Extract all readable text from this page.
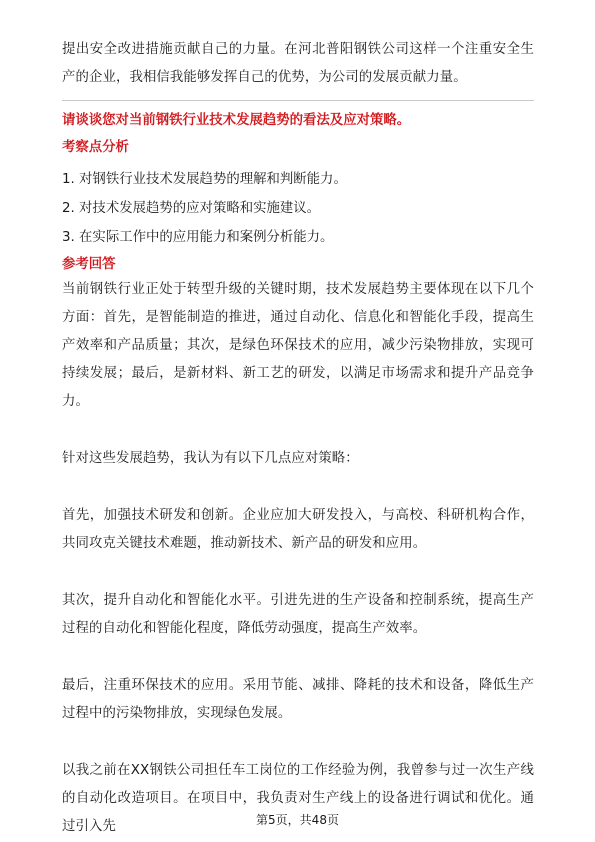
提出安全改进措施贡献自己的力量。在河北普阳钢铁公司这样一个注重安全生产的企业，我相信我能够发挥自己的优势，为公司的发展贡献力量。

请谈谈您对当前钢铁行业技术发展趋势的看法及应对策略。

考察点分析

1. 对钢铁行业技术发展趋势的理解和判断能力。

2. 对技术发展趋势的应对策略和实施建议。

3. 在实际工作中的应用能力和案例分析能力。

参考回答

当前钢铁行业正处于转型升级的关键时期，技术发展趋势主要体现在以下几个方面：首先，是智能制造的推进，通过自动化、信息化和智能化手段，提高生产效率和产品质量；其次，是绿色环保技术的应用，减少污染物排放，实现可持续发展；最后，是新材料、新工艺的研发，以满足市场需求和提升产品竞争力。

针对这些发展趋势，我认为有以下几点应对策略：

首先，加强技术研发和创新。企业应加大研发投入，与高校、科研机构合作，共同攻克关键技术难题，推动新技术、新产品的研发和应用。

其次，提升自动化和智能化水平。引进先进的生产设备和控制系统，提高生产过程的自动化和智能化程度，降低劳动强度，提高生产效率。

最后，注重环保技术的应用。采用节能、减排、降耗的技术和设备，降低生产过程中的污染物排放，实现绿色发展。

以我之前在XX钢铁公司担任车工岗位的工作经验为例，我曾参与过一次生产线的自动化改造项目。在项目中，我负责对生产线上的设备进行调试和优化。通过引入先	第5页，共48页
